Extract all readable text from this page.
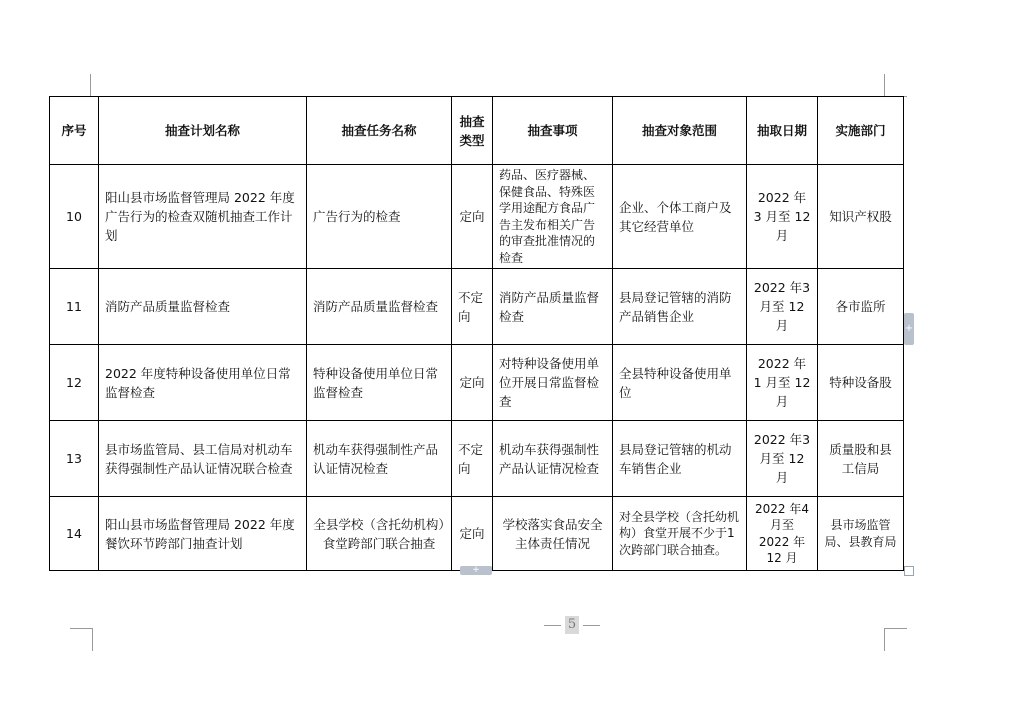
序号	抽查计划名称	抽查任务名称	抽查类型	抽查事项	抽查对象范围	抽取日期	实施部门
10	阳山县市场监督管理局 2022 年度广告行为的检查双随机抽查工作计划	广告行为的检查	定向	药品、医疗器械、保健食品、特殊医学用途配方食品广告主发布相关广告的审查批准情况的检查	企业、个体工商户及其它经营单位	2022 年 3 月至 12 月	知识产权股
11	消防产品质量监督检查	消防产品质量监督检查	不定向	消防产品质量监督检查	县局登记管辖的消防产品销售企业	2022 年3 月至 12 月	各市监所
12	2022 年度特种设备使用单位日常监督检查	特种设备使用单位日常监督检查	定向	对特种设备使用单位开展日常监督检查	全县特种设备使用单位	2022 年 1 月至 12 月	特种设备股
13	县市场监管局、县工信局对机动车获得强制性产品认证情况联合检查	机动车获得强制性产品认证情况检查	不定向	机动车获得强制性产品认证情况检查	县局登记管辖的机动车销售企业	2022 年3 月至 12 月	质量股和县工信局
14	阳山县市场监督管理局 2022 年度餐饮环节跨部门抽查计划	全县学校（含托幼机构）食堂跨部门联合抽查	定向	学校落实食品安全主体责任情况	对全县学校（含托幼机构）食堂开展不少于1次跨部门联合抽查。	2022 年4 月至 2022 年 12 月	县市场监管局、县教育局
+
+
5
